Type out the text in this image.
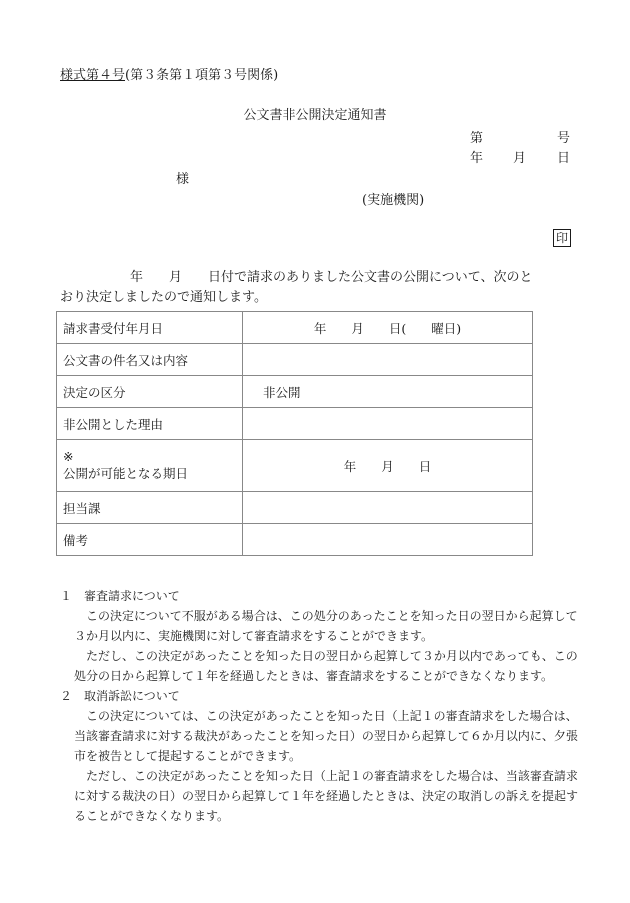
様式第４号(第３条第１項第３号関係)
公文書非公開決定通知書
第	号
年 月 日
様
(実施機関)
印
年　　月　　日付で請求のありました公文書の公開について、次のと
おり決定しましたので通知します。
請求書受付年月日	年　　月　　日(　　曜日)
公文書の件名又は内容	
決定の区分	非公開
非公開とした理由	

※
公開が可能となる期日	年　　月　　日
担当課	
備考	
１　審査請求について
この決定について不服がある場合は、この処分のあったことを知った日の翌日から起算して３か月以内に、実施機関に対して審査請求をすることができます。
ただし、この決定があったことを知った日の翌日から起算して３か月以内であっても、この処分の日から起算して１年を経過したときは、審査請求をすることができなくなります。
２　取消訴訟について
この決定については、この決定があったことを知った日（上記１の審査請求をした場合は、当該審査請求に対する裁決があったことを知った日）の翌日から起算して６か月以内に、夕張市を被告として提起することができます。
ただし、この決定があったことを知った日（上記１の審査請求をした場合は、当該審査請求に対する裁決の日）の翌日から起算して１年を経過したときは、決定の取消しの訴えを提起することができなくなります。
